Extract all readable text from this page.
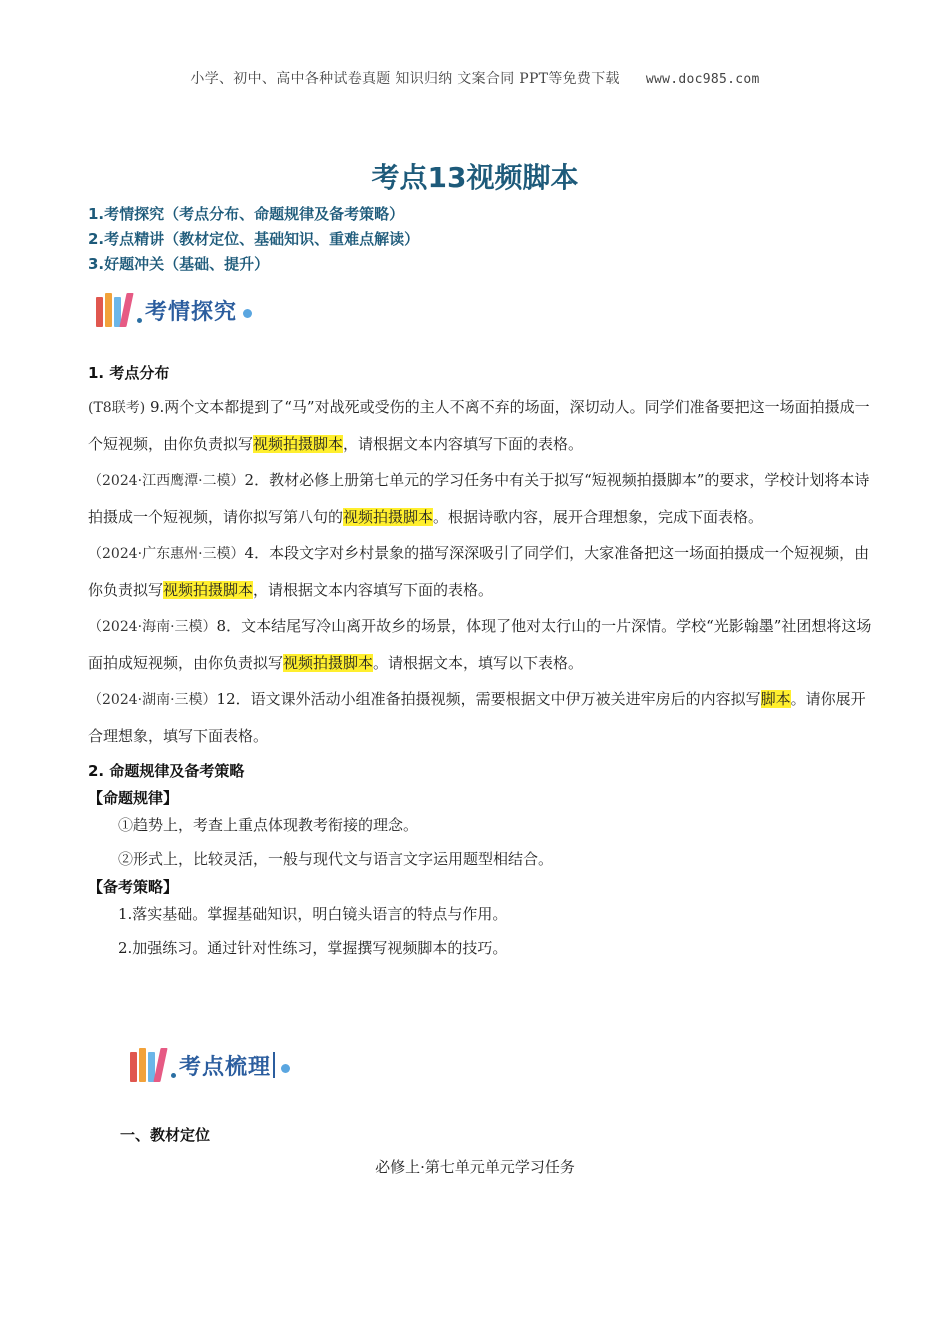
小学、初中、高中各种试卷真题 知识归纳 文案合同 PPT等免费下载 www.doc985.com
考点13视频脚本
1.考情探究（考点分布、命题规律及备考策略）
2.考点精讲（教材定位、基础知识、重难点解读）
3.好题冲关（基础、提升）
考情探究
1. 考点分布
(T8联考) 9.两个文本都提到了“马”对战死或受伤的主人不离不弃的场面，深切动人。同学们准备要把这一场面拍摄成一个短视频，由你负责拟写视频拍摄脚本，请根据文本内容填写下面的表格。
（2024·江西鹰潭·二模）2．教材必修上册第七单元的学习任务中有关于拟写“短视频拍摄脚本”的要求，学校计划将本诗拍摄成一个短视频，请你拟写第八句的视频拍摄脚本。根据诗歌内容，展开合理想象，完成下面表格。
（2024·广东惠州·三模）4．本段文字对乡村景象的描写深深吸引了同学们，大家准备把这一场面拍摄成一个短视频，由你负责拟写视频拍摄脚本，请根据文本内容填写下面的表格。
（2024·海南·三模）8．文本结尾写冷山离开故乡的场景，体现了他对太行山的一片深情。学校“光影翰墨”社团想将这场面拍成短视频，由你负责拟写视频拍摄脚本。请根据文本，填写以下表格。
（2024·湖南·三模）12．语文课外活动小组准备拍摄视频，需要根据文中伊万被关进牢房后的内容拟写脚本。请你展开合理想象，填写下面表格。
2. 命题规律及备考策略
【命题规律】
①趋势上，考查上重点体现教考衔接的理念。
②形式上，比较灵活，一般与现代文与语言文字运用题型相结合。
【备考策略】
1.落实基础。掌握基础知识，明白镜头语言的特点与作用。
2.加强练习。通过针对性练习，掌握撰写视频脚本的技巧。
考点梳理
一、教材定位
必修上·第七单元单元学习任务
